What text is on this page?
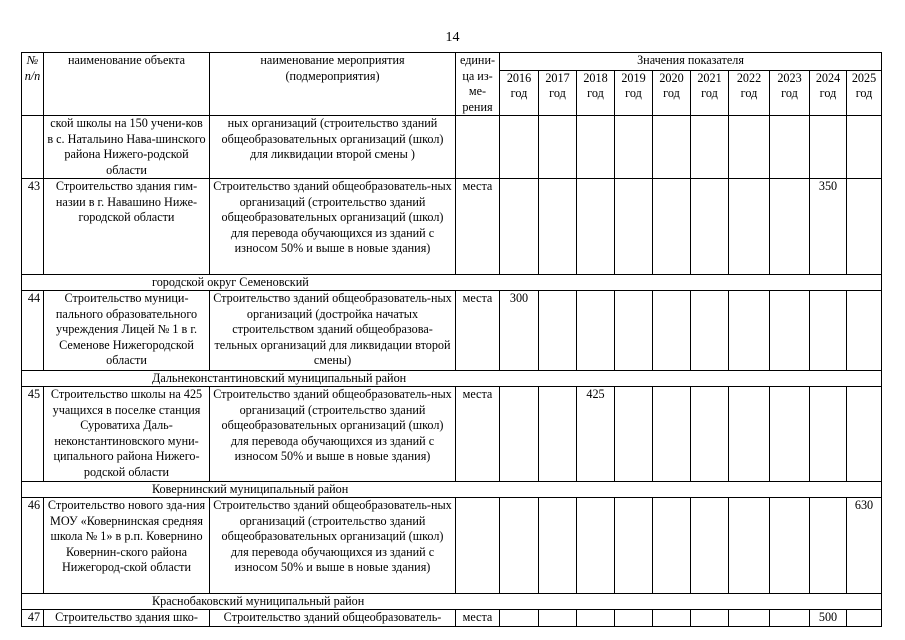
14
№ п/п	наименование объекта	наименование мероприятия (подмероприятия)	едини-ца из-ме-рения	Значения показателя									
				2016 год	2017 год	2018 год	2019 год	2020 год	2021 год	2022 год	2023 год	2024 год	2025 год
	ской школы на 150 учени-ков в с. Натальино Нава-шинского района Нижего-родской области	ных организаций (строительство зданий общеобразовательных организаций (школ) для ликвидации второй смены )											
43	Строительство здания гим-назии в г. Навашино Ниже-городской области	Строительство зданий общеобразователь-ных организаций (строительство зданий общеобразовательных организаций (школ) для перевода обучающихся из зданий с износом 50% и выше в новые здания)	места									350	
городской округ Семеновский													
44	Строительство муници-пального образовательного учреждения Лицей № 1 в г. Семенове Нижегородской области	Строительство зданий общеобразователь-ных организаций (достройка начатых строительством зданий общеобразова-тельных организаций для ликвидации второй смены)	места	300									
Дальнеконстантиновский муниципальный район													
45	Строительство школы на 425 учащихся в поселке станция Суроватиха Даль-неконстантиновского муни-ципального района Нижего-родской области	Строительство зданий общеобразователь-ных организаций (строительство зданий общеобразовательных организаций (школ) для перевода обучающихся из зданий с износом 50% и выше в новые здания)	места			425							
Ковернинский муниципальный район													
46	Строительство нового зда-ния МОУ «Ковернинская средняя школа № 1» в р.п. Ковернино Ковернин-ского района Нижегород-ской области	Строительство зданий общеобразователь-ных организаций (строительство зданий общеобразовательных организаций (школ) для перевода обучающихся из зданий с износом 50% и выше в новые здания)											630
Краснобаковский муниципальный район													
47	Строительство здания шко-	Строительство зданий общеобразователь-	места									500	
